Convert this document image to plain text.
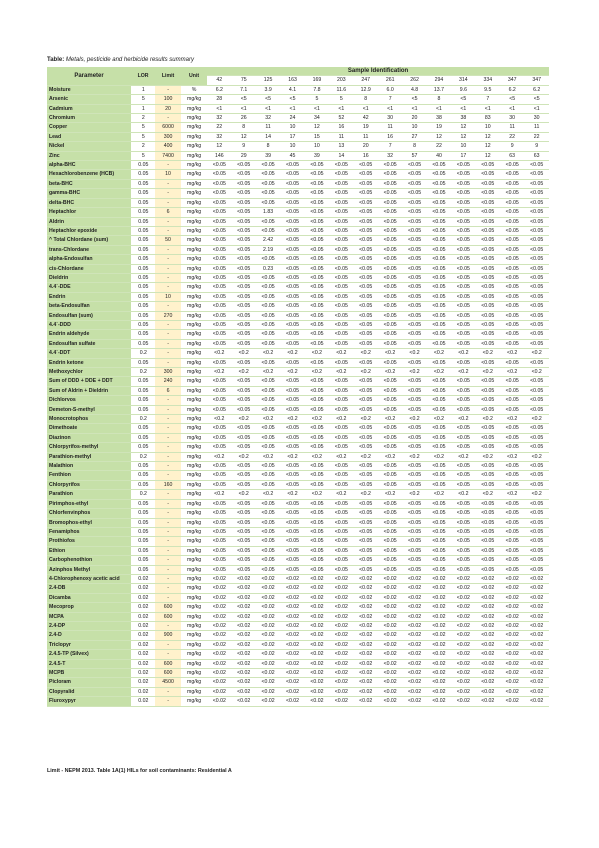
Table: Metals, pesticide and herbicide results summary
Parameter	LOR	Limit	Unit	Sample Identification													
				42	75	125	163	169	203	247	261	262	294	314	334	347	347
Moisture	1	-	%	6.2	7.1	3.9	4.1	7.8	11.6	12.9	6.0	4.8	13.7	9.6	9.5	6.2	6.2
Arsenic	5	100	mg/kg	28	<5	<5	<5	5	5	8	7	<5	8	<5	7	<5	<5
Cadmium	1	20	mg/kg	<1	<1	<1	<1	<1	<1	<1	<1	<1	<1	<1	<1	<1	<1
Chromium	2	-	mg/kg	32	26	32	24	34	52	42	30	20	38	38	83	30	30
Copper	5	6000	mg/kg	22	8	11	10	12	16	19	11	10	19	12	10	11	11
Lead	5	300	mg/kg	32	12	14	17	15	11	11	16	27	12	12	12	22	22
Nickel	2	400	mg/kg	12	9	8	10	10	13	20	7	8	22	10	12	9	9
Zinc	5	7400	mg/kg	146	29	39	45	39	14	16	32	57	40	17	12	63	63
alpha-BHC	0.05	-	mg/kg	<0.05	<0.05	<0.05	<0.05	<0.05	<0.05	<0.05	<0.05	<0.05	<0.05	<0.05	<0.05	<0.05	<0.05
Hexachlorobenzene (HCB)	0.05	10	mg/kg	<0.05	<0.05	<0.05	<0.05	<0.05	<0.05	<0.05	<0.05	<0.05	<0.05	<0.05	<0.05	<0.05	<0.05
beta-BHC	0.05	-	mg/kg	<0.05	<0.05	<0.05	<0.05	<0.05	<0.05	<0.05	<0.05	<0.05	<0.05	<0.05	<0.05	<0.05	<0.05
gamma-BHC	0.05	-	mg/kg	<0.05	<0.05	<0.05	<0.05	<0.05	<0.05	<0.05	<0.05	<0.05	<0.05	<0.05	<0.05	<0.05	<0.05
delta-BHC	0.05	-	mg/kg	<0.05	<0.05	<0.05	<0.05	<0.05	<0.05	<0.05	<0.05	<0.05	<0.05	<0.05	<0.05	<0.05	<0.05
Heptachlor	0.05	6	mg/kg	<0.05	<0.05	1.83	<0.05	<0.05	<0.05	<0.05	<0.05	<0.05	<0.05	<0.05	<0.05	<0.05	<0.05
Aldrin	0.05	-	mg/kg	<0.05	<0.05	<0.05	<0.05	<0.05	<0.05	<0.05	<0.05	<0.05	<0.05	<0.05	<0.05	<0.05	<0.05
Heptachlor epoxide	0.05	-	mg/kg	<0.05	<0.05	<0.05	<0.05	<0.05	<0.05	<0.05	<0.05	<0.05	<0.05	<0.05	<0.05	<0.05	<0.05
^ Total Chlordane (sum)	0.05	50	mg/kg	<0.05	<0.05	2.42	<0.05	<0.05	<0.05	<0.05	<0.05	<0.05	<0.05	<0.05	<0.05	<0.05	<0.05
trans-Chlordane	0.05	-	mg/kg	<0.05	<0.05	2.19	<0.05	<0.05	<0.05	<0.05	<0.05	<0.05	<0.05	<0.05	<0.05	<0.05	<0.05
alpha-Endosulfan	0.05	-	mg/kg	<0.05	<0.05	<0.05	<0.05	<0.05	<0.05	<0.05	<0.05	<0.05	<0.05	<0.05	<0.05	<0.05	<0.05
cis-Chlordane	0.05	-	mg/kg	<0.05	<0.05	0.23	<0.05	<0.05	<0.05	<0.05	<0.05	<0.05	<0.05	<0.05	<0.05	<0.05	<0.05
Dieldrin	0.05	-	mg/kg	<0.05	<0.05	<0.05	<0.05	<0.05	<0.05	<0.05	<0.05	<0.05	<0.05	<0.05	<0.05	<0.05	<0.05
4.4`-DDE	0.05	-	mg/kg	<0.05	<0.05	<0.05	<0.05	<0.05	<0.05	<0.05	<0.05	<0.05	<0.05	<0.05	<0.05	<0.05	<0.05
Endrin	0.05	10	mg/kg	<0.05	<0.05	<0.05	<0.05	<0.05	<0.05	<0.05	<0.05	<0.05	<0.05	<0.05	<0.05	<0.05	<0.05
beta-Endosulfan	0.05	-	mg/kg	<0.05	<0.05	<0.05	<0.05	<0.05	<0.05	<0.05	<0.05	<0.05	<0.05	<0.05	<0.05	<0.05	<0.05
Endosulfan (sum)	0.05	270	mg/kg	<0.05	<0.05	<0.05	<0.05	<0.05	<0.05	<0.05	<0.05	<0.05	<0.05	<0.05	<0.05	<0.05	<0.05
4.4`-DDD	0.05	-	mg/kg	<0.05	<0.05	<0.05	<0.05	<0.05	<0.05	<0.05	<0.05	<0.05	<0.05	<0.05	<0.05	<0.05	<0.05
Endrin aldehyde	0.05	-	mg/kg	<0.05	<0.05	<0.05	<0.05	<0.05	<0.05	<0.05	<0.05	<0.05	<0.05	<0.05	<0.05	<0.05	<0.05
Endosulfan sulfate	0.05	-	mg/kg	<0.05	<0.05	<0.05	<0.05	<0.05	<0.05	<0.05	<0.05	<0.05	<0.05	<0.05	<0.05	<0.05	<0.05
4.4`-DDT	0.2	-	mg/kg	<0.2	<0.2	<0.2	<0.2	<0.2	<0.2	<0.2	<0.2	<0.2	<0.2	<0.2	<0.2	<0.2	<0.2
Endrin ketone	0.05	-	mg/kg	<0.05	<0.05	<0.05	<0.05	<0.05	<0.05	<0.05	<0.05	<0.05	<0.05	<0.05	<0.05	<0.05	<0.05
Methoxychlor	0.2	300	mg/kg	<0.2	<0.2	<0.2	<0.2	<0.2	<0.2	<0.2	<0.2	<0.2	<0.2	<0.2	<0.2	<0.2	<0.2
Sum of DDD + DDE + DDT	0.05	240	mg/kg	<0.05	<0.05	<0.05	<0.05	<0.05	<0.05	<0.05	<0.05	<0.05	<0.05	<0.05	<0.05	<0.05	<0.05
Sum of Aldrin + Dieldrin	0.05	6	mg/kg	<0.05	<0.05	<0.05	<0.05	<0.05	<0.05	<0.05	<0.05	<0.05	<0.05	<0.05	<0.05	<0.05	<0.05
Dichlorvos	0.05	-	mg/kg	<0.05	<0.05	<0.05	<0.05	<0.05	<0.05	<0.05	<0.05	<0.05	<0.05	<0.05	<0.05	<0.05	<0.05
Demeton-S-methyl	0.05	-	mg/kg	<0.05	<0.05	<0.05	<0.05	<0.05	<0.05	<0.05	<0.05	<0.05	<0.05	<0.05	<0.05	<0.05	<0.05
Monocrotophos	0.2	-	mg/kg	<0.2	<0.2	<0.2	<0.2	<0.2	<0.2	<0.2	<0.2	<0.2	<0.2	<0.2	<0.2	<0.2	<0.2
Dimethoate	0.05	-	mg/kg	<0.05	<0.05	<0.05	<0.05	<0.05	<0.05	<0.05	<0.05	<0.05	<0.05	<0.05	<0.05	<0.05	<0.05
Diazinon	0.05	-	mg/kg	<0.05	<0.05	<0.05	<0.05	<0.05	<0.05	<0.05	<0.05	<0.05	<0.05	<0.05	<0.05	<0.05	<0.05
Chlorpyrifos-methyl	0.05	-	mg/kg	<0.05	<0.05	<0.05	<0.05	<0.05	<0.05	<0.05	<0.05	<0.05	<0.05	<0.05	<0.05	<0.05	<0.05
Parathion-methyl	0.2	-	mg/kg	<0.2	<0.2	<0.2	<0.2	<0.2	<0.2	<0.2	<0.2	<0.2	<0.2	<0.2	<0.2	<0.2	<0.2
Malathion	0.05	-	mg/kg	<0.05	<0.05	<0.05	<0.05	<0.05	<0.05	<0.05	<0.05	<0.05	<0.05	<0.05	<0.05	<0.05	<0.05
Fenthion	0.05	-	mg/kg	<0.05	<0.05	<0.05	<0.05	<0.05	<0.05	<0.05	<0.05	<0.05	<0.05	<0.05	<0.05	<0.05	<0.05
Chlorpyrifos	0.05	160	mg/kg	<0.05	<0.05	<0.05	<0.05	<0.05	<0.05	<0.05	<0.05	<0.05	<0.05	<0.05	<0.05	<0.05	<0.05
Parathion	0.2	-	mg/kg	<0.2	<0.2	<0.2	<0.2	<0.2	<0.2	<0.2	<0.2	<0.2	<0.2	<0.2	<0.2	<0.2	<0.2
Pirimphos-ethyl	0.05	-	mg/kg	<0.05	<0.05	<0.05	<0.05	<0.05	<0.05	<0.05	<0.05	<0.05	<0.05	<0.05	<0.05	<0.05	<0.05
Chlorfenvinphos	0.05	-	mg/kg	<0.05	<0.05	<0.05	<0.05	<0.05	<0.05	<0.05	<0.05	<0.05	<0.05	<0.05	<0.05	<0.05	<0.05
Bromophos-ethyl	0.05	-	mg/kg	<0.05	<0.05	<0.05	<0.05	<0.05	<0.05	<0.05	<0.05	<0.05	<0.05	<0.05	<0.05	<0.05	<0.05
Fenamiphos	0.05	-	mg/kg	<0.05	<0.05	<0.05	<0.05	<0.05	<0.05	<0.05	<0.05	<0.05	<0.05	<0.05	<0.05	<0.05	<0.05
Prothiofos	0.05	-	mg/kg	<0.05	<0.05	<0.05	<0.05	<0.05	<0.05	<0.05	<0.05	<0.05	<0.05	<0.05	<0.05	<0.05	<0.05
Ethion	0.05	-	mg/kg	<0.05	<0.05	<0.05	<0.05	<0.05	<0.05	<0.05	<0.05	<0.05	<0.05	<0.05	<0.05	<0.05	<0.05
Carbophenothion	0.05	-	mg/kg	<0.05	<0.05	<0.05	<0.05	<0.05	<0.05	<0.05	<0.05	<0.05	<0.05	<0.05	<0.05	<0.05	<0.05
Azinphos Methyl	0.05	-	mg/kg	<0.05	<0.05	<0.05	<0.05	<0.05	<0.05	<0.05	<0.05	<0.05	<0.05	<0.05	<0.05	<0.05	<0.05
4-Chlorophenoxy acetic acid	0.02	-	mg/kg	<0.02	<0.02	<0.02	<0.02	<0.02	<0.02	<0.02	<0.02	<0.02	<0.02	<0.02	<0.02	<0.02	<0.02
2.4-DB	0.02	-	mg/kg	<0.02	<0.02	<0.02	<0.02	<0.02	<0.02	<0.02	<0.02	<0.02	<0.02	<0.02	<0.02	<0.02	<0.02
Dicamba	0.02	-	mg/kg	<0.02	<0.02	<0.02	<0.02	<0.02	<0.02	<0.02	<0.02	<0.02	<0.02	<0.02	<0.02	<0.02	<0.02
Mecoprop	0.02	600	mg/kg	<0.02	<0.02	<0.02	<0.02	<0.02	<0.02	<0.02	<0.02	<0.02	<0.02	<0.02	<0.02	<0.02	<0.02
MCPA	0.02	600	mg/kg	<0.02	<0.02	<0.02	<0.02	<0.02	<0.02	<0.02	<0.02	<0.02	<0.02	<0.02	<0.02	<0.02	<0.02
2.4-DP	0.02	-	mg/kg	<0.02	<0.02	<0.02	<0.02	<0.02	<0.02	<0.02	<0.02	<0.02	<0.02	<0.02	<0.02	<0.02	<0.02
2.4-D	0.02	900	mg/kg	<0.02	<0.02	<0.02	<0.02	<0.02	<0.02	<0.02	<0.02	<0.02	<0.02	<0.02	<0.02	<0.02	<0.02
Triclopyr	0.02	-	mg/kg	<0.02	<0.02	<0.02	<0.02	<0.02	<0.02	<0.02	<0.02	<0.02	<0.02	<0.02	<0.02	<0.02	<0.02
2.4.5-TP (Silvex)	0.02	-	mg/kg	<0.02	<0.02	<0.02	<0.02	<0.02	<0.02	<0.02	<0.02	<0.02	<0.02	<0.02	<0.02	<0.02	<0.02
2.4.5-T	0.02	600	mg/kg	<0.02	<0.02	<0.02	<0.02	<0.02	<0.02	<0.02	<0.02	<0.02	<0.02	<0.02	<0.02	<0.02	<0.02
MCPB	0.02	600	mg/kg	<0.02	<0.02	<0.02	<0.02	<0.02	<0.02	<0.02	<0.02	<0.02	<0.02	<0.02	<0.02	<0.02	<0.02
Picloram	0.02	4500	mg/kg	<0.02	<0.02	<0.02	<0.02	<0.02	<0.02	<0.02	<0.02	<0.02	<0.02	<0.02	<0.02	<0.02	<0.02
Clopyralid	0.02	-	mg/kg	<0.02	<0.02	<0.02	<0.02	<0.02	<0.02	<0.02	<0.02	<0.02	<0.02	<0.02	<0.02	<0.02	<0.02
Fluroxypyr	0.02	-	mg/kg	<0.02	<0.02	<0.02	<0.02	<0.02	<0.02	<0.02	<0.02	<0.02	<0.02	<0.02	<0.02	<0.02	<0.02
Limit - NEPM 2013. Table 1A(1) HILs for soil contaminants: Residential A
